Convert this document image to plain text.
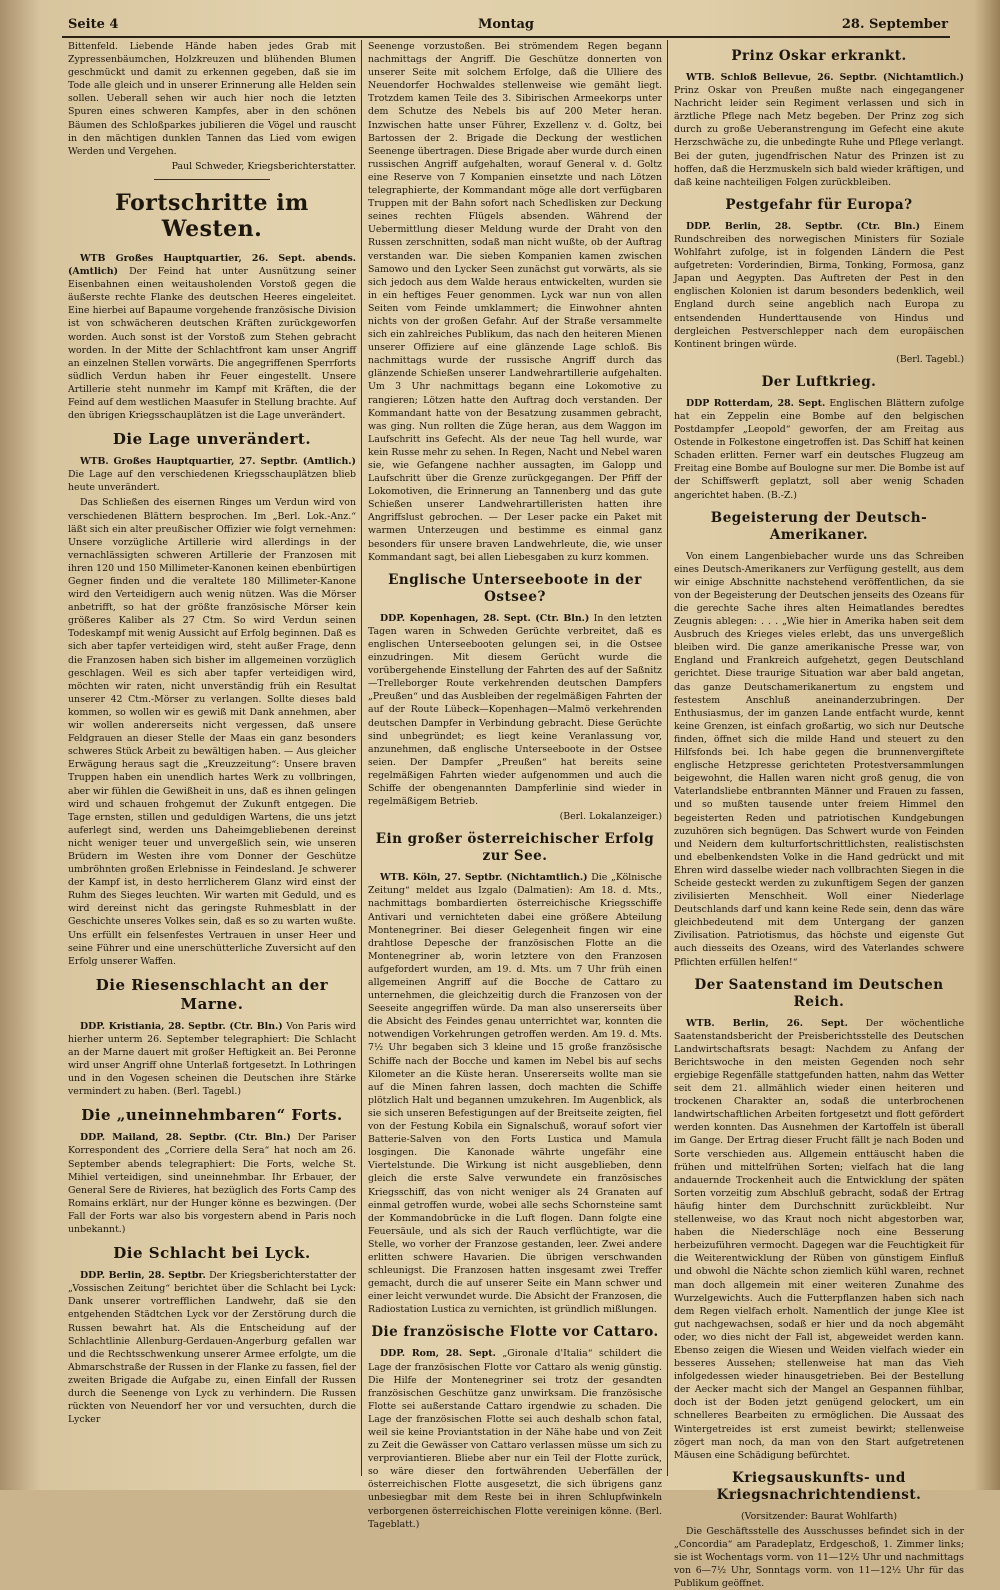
Seite 4	Montag	28. September

Bittenfeld. Liebende Hände haben jedes Grab mit Zypressenbäumchen, Holzkreuzen und blühenden Blumen geschmückt und damit zu erkennen gegeben, daß sie im Tode alle gleich und in unserer Erinnerung alle Helden sein sollen. Ueberall sehen wir auch hier noch die letzten Spuren eines schweren Kampfes, aber in den schönen Bäumen des Schloßparkes jubilieren die Vögel und rauscht in den mächtigen dunklen Tannen das Lied vom ewigen Werden und Vergehen.

Paul Schweder, Kriegsberichterstatter.

Fortschritte im Westen.

WTB Großes Hauptquartier, 26. Sept. abends. (Amtlich) Der Feind hat unter Ausnützung seiner Eisenbahnen einen weitausholenden Vorstoß gegen die äußerste rechte Flanke des deutschen Heeres eingeleitet. Eine hierbei auf Bapaume vorgehende französische Division ist von schwächeren deutschen Kräften zurückgeworfen worden. Auch sonst ist der Vorstoß zum Stehen gebracht worden. In der Mitte der Schlachtfront kam unser Angriff an einzelnen Stellen vorwärts. Die angegriffenen Sperrforts südlich Verdun haben ihr Feuer eingestellt. Unsere Artillerie steht nunmehr im Kampf mit Kräften, die der Feind auf dem westlichen Maasufer in Stellung brachte. Auf den übrigen Kriegsschauplätzen ist die Lage unverändert.

Die Lage unverändert.

WTB. Großes Hauptquartier, 27. Septbr. (Amtlich.) Die Lage auf den verschiedenen Kriegsschauplätzen blieb heute unverändert.

Das Schließen des eisernen Ringes um Verdun wird von verschiedenen Blättern besprochen. Im „Berl. Lok.-Anz.“ läßt sich ein alter preußischer Offizier wie folgt vernehmen: Unsere vorzügliche Artillerie wird allerdings in der vernachlässigten schweren Artillerie der Franzosen mit ihren 120 und 150 Millimeter-Kanonen keinen ebenbürtigen Gegner finden und die veraltete 180 Millimeter-Kanone wird den Verteidigern auch wenig nützen. Was die Mörser anbetrifft, so hat der größte französische Mörser kein größeres Kaliber als 27 Ctm. So wird Verdun seinen Todeskampf mit wenig Aussicht auf Erfolg beginnen. Daß es sich aber tapfer verteidigen wird, steht außer Frage, denn die Franzosen haben sich bisher im allgemeinen vorzüglich geschlagen. Weil es sich aber tapfer verteidigen wird, möchten wir raten, nicht unverständig früh ein Resultat unserer 42 Ctm.-Mörser zu verlangen. Sollte dieses bald kommen, so wollen wir es gewiß mit Dank annehmen, aber wir wollen andererseits nicht vergessen, daß unsere Feldgrauen an dieser Stelle der Maas ein ganz besonders schweres Stück Arbeit zu bewältigen haben. — Aus gleicher Erwägung heraus sagt die „Kreuzzeitung“: Unsere braven Truppen haben ein unendlich hartes Werk zu vollbringen, aber wir fühlen die Gewißheit in uns, daß es ihnen gelingen wird und schauen frohgemut der Zukunft entgegen. Die Tage ernsten, stillen und geduldigen Wartens, die uns jetzt auferlegt sind, werden uns Daheimgebliebenen dereinst nicht weniger teuer und unvergeßlich sein, wie unseren Brüdern im Westen ihre vom Donner der Geschütze umbröhnten großen Erlebnisse in Feindesland. Je schwerer der Kampf ist, in desto herrlicherem Glanz wird einst der Ruhm des Sieges leuchten. Wir warten mit Geduld, und es wird dereinst nicht das geringste Ruhmesblatt in der Geschichte unseres Volkes sein, daß es so zu warten wußte. Uns erfüllt ein felsenfestes Vertrauen in unser Heer und seine Führer und eine unerschütterliche Zuversicht auf den Erfolg unserer Waffen.

Die Riesenschlacht an der Marne.

DDP. Kristiania, 28. Septbr. (Ctr. Bln.) Von Paris wird hierher unterm 26. September telegraphiert: Die Schlacht an der Marne dauert mit großer Heftigkeit an. Bei Peronne wird unser Angriff ohne Unterlaß fortgesetzt. In Lothringen und in den Vogesen scheinen die Deutschen ihre Stärke vermindert zu haben. (Berl. Tagebl.)

Die „uneinnehmbaren“ Forts.

DDP. Mailand, 28. Septbr. (Ctr. Bln.) Der Pariser Korrespondent des „Corriere della Sera“ hat noch am 26. September abends telegraphiert: Die Forts, welche St. Mihiel verteidigen, sind uneinnehmbar. Ihr Erbauer, der General Sere de Rivieres, hat bezüglich des Forts Camp des Romains erklärt, nur der Hunger könne es bezwingen. (Der Fall der Forts war also bis vorgestern abend in Paris noch unbekannt.)

Die Schlacht bei Lyck.

DDP. Berlin, 28. Septbr. Der Kriegsberichterstatter der „Vossischen Zeitung“ berichtet über die Schlacht bei Lyck: Dank unserer vortrefflichen Landwehr, daß sie den entgehenden Städtchen Lyck vor der Zerstörung durch die Russen bewahrt hat. Als die Entscheidung auf der Schlachtlinie Allenburg-Gerdauen-Angerburg gefallen war und die Rechtsschwenkung unserer Armee erfolgte, um die Abmarschstraße der Russen in der Flanke zu fassen, fiel der zweiten Brigade die Aufgabe zu, einen Einfall der Russen durch die Seenenge von Lyck zu verhindern. Die Russen rückten von Neuendorf her vor und versuchten, durch die Lycker

Seenenge vorzustoßen. Bei strömendem Regen begann nachmittags der Angriff. Die Geschütze donnerten von unserer Seite mit solchem Erfolge, daß die Ulliere des Neuendorfer Hochwaldes stellenweise wie gemäht liegt. Trotzdem kamen Teile des 3. Sibirischen Armeekorps unter dem Schutze des Nebels bis auf 200 Meter heran. Inzwischen hatte unser Führer, Exzellenz v. d. Goltz, bei Bartossen der 2. Brigade die Deckung der westlichen Seenenge übertragen. Diese Brigade aber wurde durch einen russischen Angriff aufgehalten, worauf General v. d. Goltz eine Reserve von 7 Kompanien einsetzte und nach Lötzen telegraphierte, der Kommandant möge alle dort verfügbaren Truppen mit der Bahn sofort nach Schedlisken zur Deckung seines rechten Flügels absenden. Während der Uebermittlung dieser Meldung wurde der Draht von den Russen zerschnitten, sodaß man nicht wußte, ob der Auftrag verstanden war. Die sieben Kompanien kamen zwischen Samowo und den Lycker Seen zunächst gut vorwärts, als sie sich jedoch aus dem Walde heraus entwickelten, wurden sie in ein heftiges Feuer genommen. Lyck war nun von allen Seiten vom Feinde umklammert; die Einwohner ahnten nichts von der großen Gefahr. Auf der Straße versammelte sich ein zahlreiches Publikum, das nach den heiteren Mienen unserer Offiziere auf eine glänzende Lage schloß. Bis nachmittags wurde der russische Angriff durch das glänzende Schießen unserer Landwehrartillerie aufgehalten. Um 3 Uhr nachmittags begann eine Lokomotive zu rangieren; Lötzen hatte den Auftrag doch verstanden. Der Kommandant hatte von der Besatzung zusammen gebracht, was ging. Nun rollten die Züge heran, aus dem Waggon im Laufschritt ins Gefecht. Als der neue Tag hell wurde, war kein Russe mehr zu sehen. In Regen, Nacht und Nebel waren sie, wie Gefangene nachher aussagten, im Galopp und Laufschritt über die Grenze zurückgegangen. Der Pfiff der Lokomotiven, die Erinnerung an Tannenberg und das gute Schießen unserer Landwehrartilleristen hatten ihre Angriffslust gebrochen. — Der Leser packe ein Paket mit warmen Unterzeugen und bestimme es einmal ganz besonders für unsere braven Landwehrleute, die, wie unser Kommandant sagt, bei allen Liebesgaben zu kurz kommen.

Englische Unterseeboote in der Ostsee?

DDP. Kopenhagen, 28. Sept. (Ctr. Bln.) In den letzten Tagen waren in Schweden Gerüchte verbreitet, daß es englischen Unterseebooten gelungen sei, in die Ostsee einzudringen. Mit diesem Gerücht wurde die vorübergehende Einstellung der Fahrten des auf der Saßnitz—Trelleborger Route verkehrenden deutschen Dampfers „Preußen“ und das Ausbleiben der regelmäßigen Fahrten der auf der Route Lübeck—Kopenhagen—Malmö verkehrenden deutschen Dampfer in Verbindung gebracht. Diese Gerüchte sind unbegründet; es liegt keine Veranlassung vor, anzunehmen, daß englische Unterseeboote in der Ostsee seien. Der Dampfer „Preußen“ hat bereits seine regelmäßigen Fahrten wieder aufgenommen und auch die Schiffe der obengenannten Dampferlinie sind wieder in regelmäßigem Betrieb.

(Berl. Lokalanzeiger.)

Ein großer österreichischer Erfolg zur See.

WTB. Köln, 27. Septbr. (Nichtamtlich.) Die „Kölnische Zeitung“ meldet aus Izgalo (Dalmatien): Am 18. d. Mts., nachmittags bombardierten österreichische Kriegsschiffe Antivari und vernichteten dabei eine größere Abteilung Montenegriner. Bei dieser Gelegenheit fingen wir eine drahtlose Depesche der französischen Flotte an die Montenegriner ab, worin letztere von den Franzosen aufgefordert wurden, am 19. d. Mts. um 7 Uhr früh einen allgemeinen Angriff auf die Bocche de Cattaro zu unternehmen, die gleichzeitig durch die Franzosen von der Seeseite angegriffen würde. Da man also unsererseits über die Absicht des Feindes genau unterrichtet war, konnten die notwendigen Vorkehrungen getroffen werden. Am 19. d. Mts. 7½ Uhr begaben sich 3 kleine und 15 große französische Schiffe nach der Bocche und kamen im Nebel bis auf sechs Kilometer an die Küste heran. Unsererseits wollte man sie auf die Minen fahren lassen, doch machten die Schiffe plötzlich Halt und begannen umzukehren. Im Augenblick, als sie sich unseren Befestigungen auf der Breitseite zeigten, fiel von der Festung Kobila ein Signalschuß, worauf sofort vier Batterie-Salven von den Forts Lustica und Mamula losgingen. Die Kanonade währte ungefähr eine Viertelstunde. Die Wirkung ist nicht ausgeblieben, denn gleich die erste Salve verwundete ein französisches Kriegsschiff, das von nicht weniger als 24 Granaten auf einmal getroffen wurde, wobei alle sechs Schornsteine samt der Kommandobrücke in die Luft flogen. Dann folgte eine Feuersäule, und als sich der Rauch verflüchtigte, war die Stelle, wo vorher der Franzose gestanden, leer. Zwei andere erlitten schwere Havarien. Die übrigen verschwanden schleunigst. Die Franzosen hatten insgesamt zwei Treffer gemacht, durch die auf unserer Seite ein Mann schwer und einer leicht verwundet wurde. Die Absicht der Franzosen, die Radiostation Lustica zu vernichten, ist gründlich mißlungen.

Die französische Flotte vor Cattaro.

DDP. Rom, 28. Sept. „Gironale d'Italia“ schildert die Lage der französischen Flotte vor Cattaro als wenig günstig. Die Hilfe der Montenegriner sei trotz der gesandten französischen Geschütze ganz unwirksam. Die französische Flotte sei außerstande Cattaro irgendwie zu schaden. Die Lage der französischen Flotte sei auch deshalb schon fatal, weil sie keine Proviantstation in der Nähe habe und von Zeit zu Zeit die Gewässer von Cattaro verlassen müsse um sich zu verproviantieren. Bliebe aber nur ein Teil der Flotte zurück, so wäre dieser den fortwährenden Ueberfällen der österreichischen Flotte ausgesetzt, die sich übrigens ganz unbesiegbar mit dem Reste bei in ihren Schlupfwinkeln verborgenen österreichischen Flotte vereinigen könne. (Berl. Tageblatt.)

Prinz Oskar erkrankt.

WTB. Schloß Bellevue, 26. Septbr. (Nichtamtlich.) Prinz Oskar von Preußen mußte nach eingegangener Nachricht leider sein Regiment verlassen und sich in ärztliche Pflege nach Metz begeben. Der Prinz zog sich durch zu große Ueberanstrengung im Gefecht eine akute Herzschwäche zu, die unbedingte Ruhe und Pflege verlangt. Bei der guten, jugendfrischen Natur des Prinzen ist zu hoffen, daß die Herzmuskeln sich bald wieder kräftigen, und daß keine nachteiligen Folgen zurückbleiben.

Pestgefahr für Europa?

DDP. Berlin, 28. Septbr. (Ctr. Bln.) Einem Rundschreiben des norwegischen Ministers für Soziale Wohlfahrt zufolge, ist in folgenden Ländern die Pest aufgetreten: Vorderindien, Birma, Tonking, Formosa, ganz Japan und Aegypten. Das Auftreten der Pest in den englischen Kolonien ist darum besonders bedenklich, weil England durch seine angeblich nach Europa zu entsendenden Hunderttausende von Hindus und dergleichen Pestverschlepper nach dem europäischen Kontinent bringen würde.

(Berl. Tagebl.)

Der Luftkrieg.

DDP Rotterdam, 28. Sept. Englischen Blättern zufolge hat ein Zeppelin eine Bombe auf den belgischen Postdampfer „Leopold“ geworfen, der am Freitag aus Ostende in Folkestone eingetroffen ist. Das Schiff hat keinen Schaden erlitten. Ferner warf ein deutsches Flugzeug am Freitag eine Bombe auf Boulogne sur mer. Die Bombe ist auf der Schiffswerft geplatzt, soll aber wenig Schaden angerichtet haben. (B.-Z.)

Begeisterung der Deutsch-Amerikaner.

Von einem Langenbiebacher wurde uns das Schreiben eines Deutsch-Amerikaners zur Verfügung gestellt, aus dem wir einige Abschnitte nachstehend veröffentlichen, da sie von der Begeisterung der Deutschen jenseits des Ozeans für die gerechte Sache ihres alten Heimatlandes beredtes Zeugnis ablegen: . . . „Wie hier in Amerika haben seit dem Ausbruch des Krieges vieles erlebt, das uns unvergeßlich bleiben wird. Die ganze amerikanische Presse war, von England und Frankreich aufgehetzt, gegen Deutschland gerichtet. Diese traurige Situation war aber bald angetan, das ganze Deutschamerikanertum zu engstem und festestem Anschluß aneinanderzubringen. Der Enthusiasmus, der im ganzen Lande entfacht wurde, kennt keine Grenzen, ist einfach großartig, wo sich nur Deutsche finden, öffnet sich die milde Hand und steuert zu den Hilfsfonds bei. Ich habe gegen die brunnenvergiftete englische Hetzpresse gerichteten Protestversammlungen beigewohnt, die Hallen waren nicht groß genug, die von Vaterlandsliebe entbrannten Männer und Frauen zu fassen, und so mußten tausende unter freiem Himmel den begeisterten Reden und patriotischen Kundgebungen zuzuhören sich begnügen. Das Schwert wurde von Feinden und Neidern dem kulturfortschrittlichsten, realistischsten und ebelbenkendsten Volke in die Hand gedrückt und mit Ehren wird dasselbe wieder nach vollbrachten Siegen in die Scheide gesteckt werden zu zukunftigem Segen der ganzen zivilisierten Menschheit. Woll einer Niederlage Deutschlands darf und kann keine Rede sein, denn das wäre gleichbedeutend mit dem Untergang der ganzen Zivilisation. Patriotismus, das höchste und eigenste Gut auch diesseits des Ozeans, wird des Vaterlandes schwere Pflichten erfüllen helfen!“

Der Saatenstand im Deutschen Reich.

WTB. Berlin, 26. Sept. Der wöchentliche Saatenstandsbericht der Preisberichtsstelle des Deutschen Landwirtschaftsrats besagt: Nachdem zu Anfang der Berichtswoche in den meisten Gegenden noch sehr ergiebige Regenfälle stattgefunden hatten, nahm das Wetter seit dem 21. allmählich wieder einen heiteren und trockenen Charakter an, sodaß die unterbrochenen landwirtschaftlichen Arbeiten fortgesetzt und flott gefördert werden konnten. Das Ausnehmen der Kartoffeln ist überall im Gange. Der Ertrag dieser Frucht fällt je nach Boden und Sorte verschieden aus. Allgemein enttäuscht haben die frühen und mittelfrühen Sorten; vielfach hat die lang andauernde Trockenheit auch die Entwicklung der späten Sorten vorzeitig zum Abschluß gebracht, sodaß der Ertrag häufig hinter dem Durchschnitt zurückbleibt. Nur stellenweise, wo das Kraut noch nicht abgestorben war, haben die Niederschläge noch eine Besserung herbeizuführen vermocht. Dagegen war die Feuchtigkeit für die Weiterentwicklung der Rüben von günstigem Einfluß und obwohl die Nächte schon ziemlich kühl waren, rechnet man doch allgemein mit einer weiteren Zunahme des Wurzelgewichts. Auch die Futterpflanzen haben sich nach dem Regen vielfach erholt. Namentlich der junge Klee ist gut nachgewachsen, sodaß er hier und da noch abgemäht oder, wo dies nicht der Fall ist, abgeweidet werden kann. Ebenso zeigen die Wiesen und Weiden vielfach wieder ein besseres Aussehen; stellenweise hat man das Vieh infolgedessen wieder hinausgetrieben. Bei der Bestellung der Aecker macht sich der Mangel an Gespannen fühlbar, doch ist der Boden jetzt genügend gelockert, um ein schnelleres Bearbeiten zu ermöglichen. Die Aussaat des Wintergetreides ist erst zumeist bewirkt; stellenweise zögert man noch, da man von den Start aufgetretenen Mäusen eine Schädigung befürchtet.

Kriegsauskunfts- und Kriegsnachrichtendienst.

(Vorsitzender: Baurat Wohlfarth)

Die Geschäftsstelle des Ausschusses befindet sich in der „Concordia“ am Paradeplatz, Erdgeschoß, 1. Zimmer links; sie ist Wochentags vorm. von 11—12½ Uhr und nachmittags von 6—7½ Uhr, Sonntags vorm. von 11—12½ Uhr für das Publikum geöffnet.
